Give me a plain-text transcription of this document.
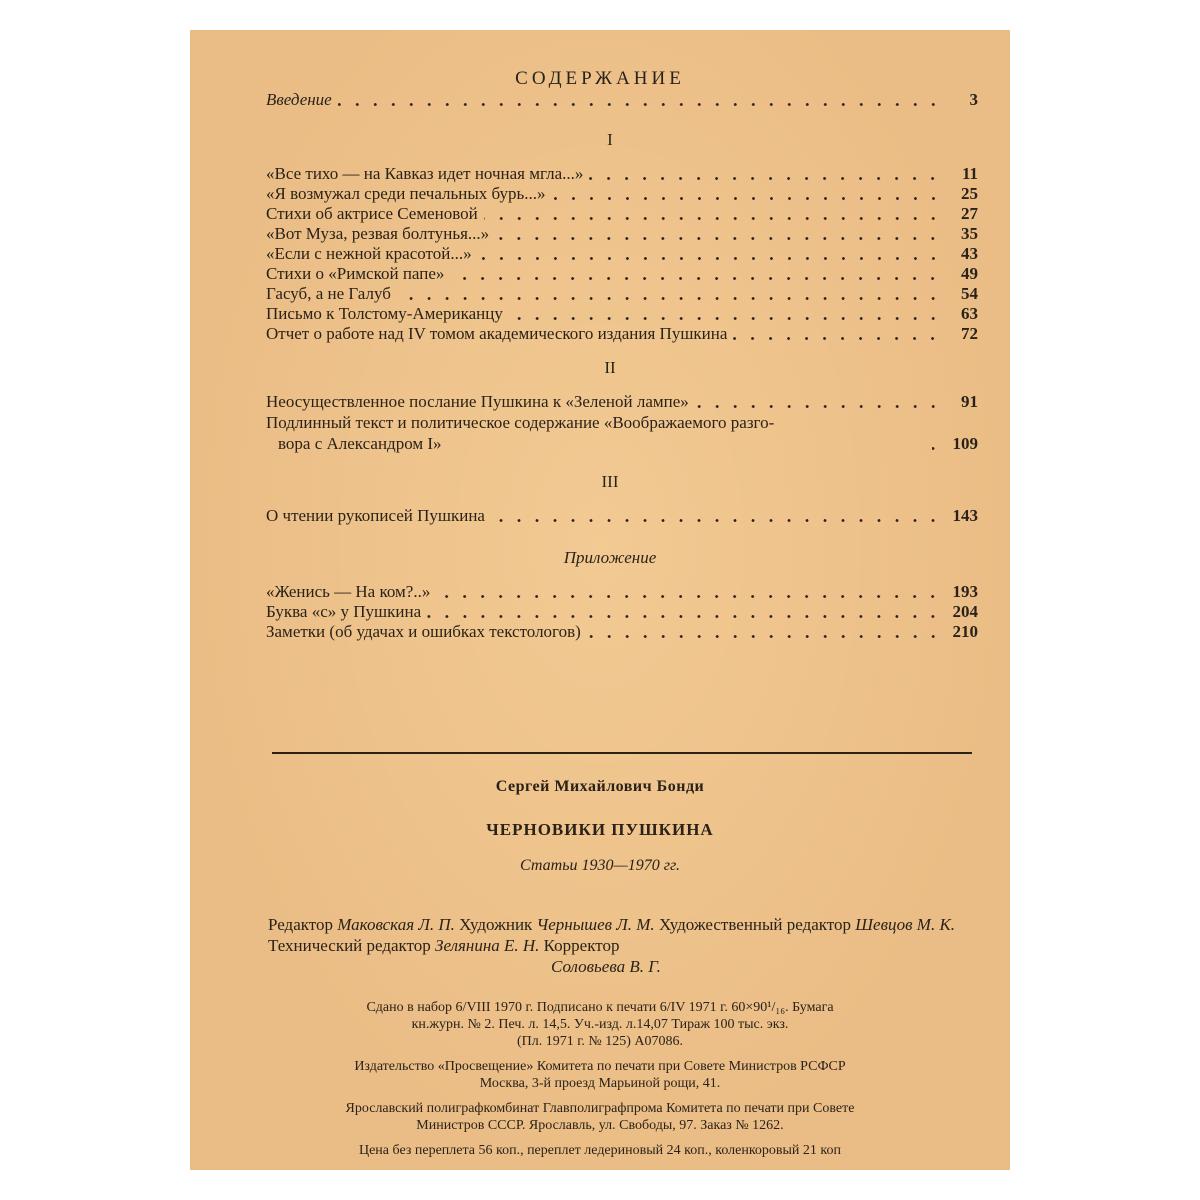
СОДЕРЖАНИЕ
Введение	3
I
«Все тихо — на Кавказ идет ночная мгла...»	11
«Я возмужал среди печальных бурь...»	25
Стихи об актрисе Семеновой	27
«Вот Муза, резвая болтунья...»	35
«Если с нежной красотой...»	43
Стихи о «Римской папе»	49
Гасуб, а не Галуб	54
Письмо к Толстому-Американцу	63
Отчет о работе над IV томом академического издания Пушкина	72
II
Неосуществленное послание Пушкина к «Зеленой лампе»	91
Подлинный текст и политическое содержание «Воображаемого разго-
вора с Александром I»	109
III
О чтении рукописей Пушкина	143
Приложение
«Женись — На ком?..»	193
Буква «с» у Пушкина	204
Заметки (об удачах и ошибках текстологов)	210
Сергей Михайлович Бонди
ЧЕРНОВИКИ ПУШКИНА
Статьи 1930—1970 гг.
Редактор Маковская Л. П. Художник Чернышев Л. М. Художественный редактор Шевцов М. К. Технический редактор Зелянина Е. Н. Корректор
Соловьева В. Г.
Сдано в набор 6/VIII 1970 г. Подписано к печати 6/IV 1971 г. 60×90¹/₁₆. Бумага
кн.журн. № 2. Печ. л. 14,5. Уч.-изд. л.14,07 Тираж 100 тыс. экз.
(Пл. 1971 г. № 125) А07086.
Издательство «Просвещение» Комитета по печати при Совете Министров РСФСР
Москва, 3-й проезд Марьиной рощи, 41.
Ярославский полиграфкомбинат Главполиграфпрома Комитета по печати при Совете
Министров СССР. Ярославль, ул. Свободы, 97. Заказ № 1262.
Цена без переплета 56 коп., переплет ледериновый 24 коп., коленкоровый 21 коп
